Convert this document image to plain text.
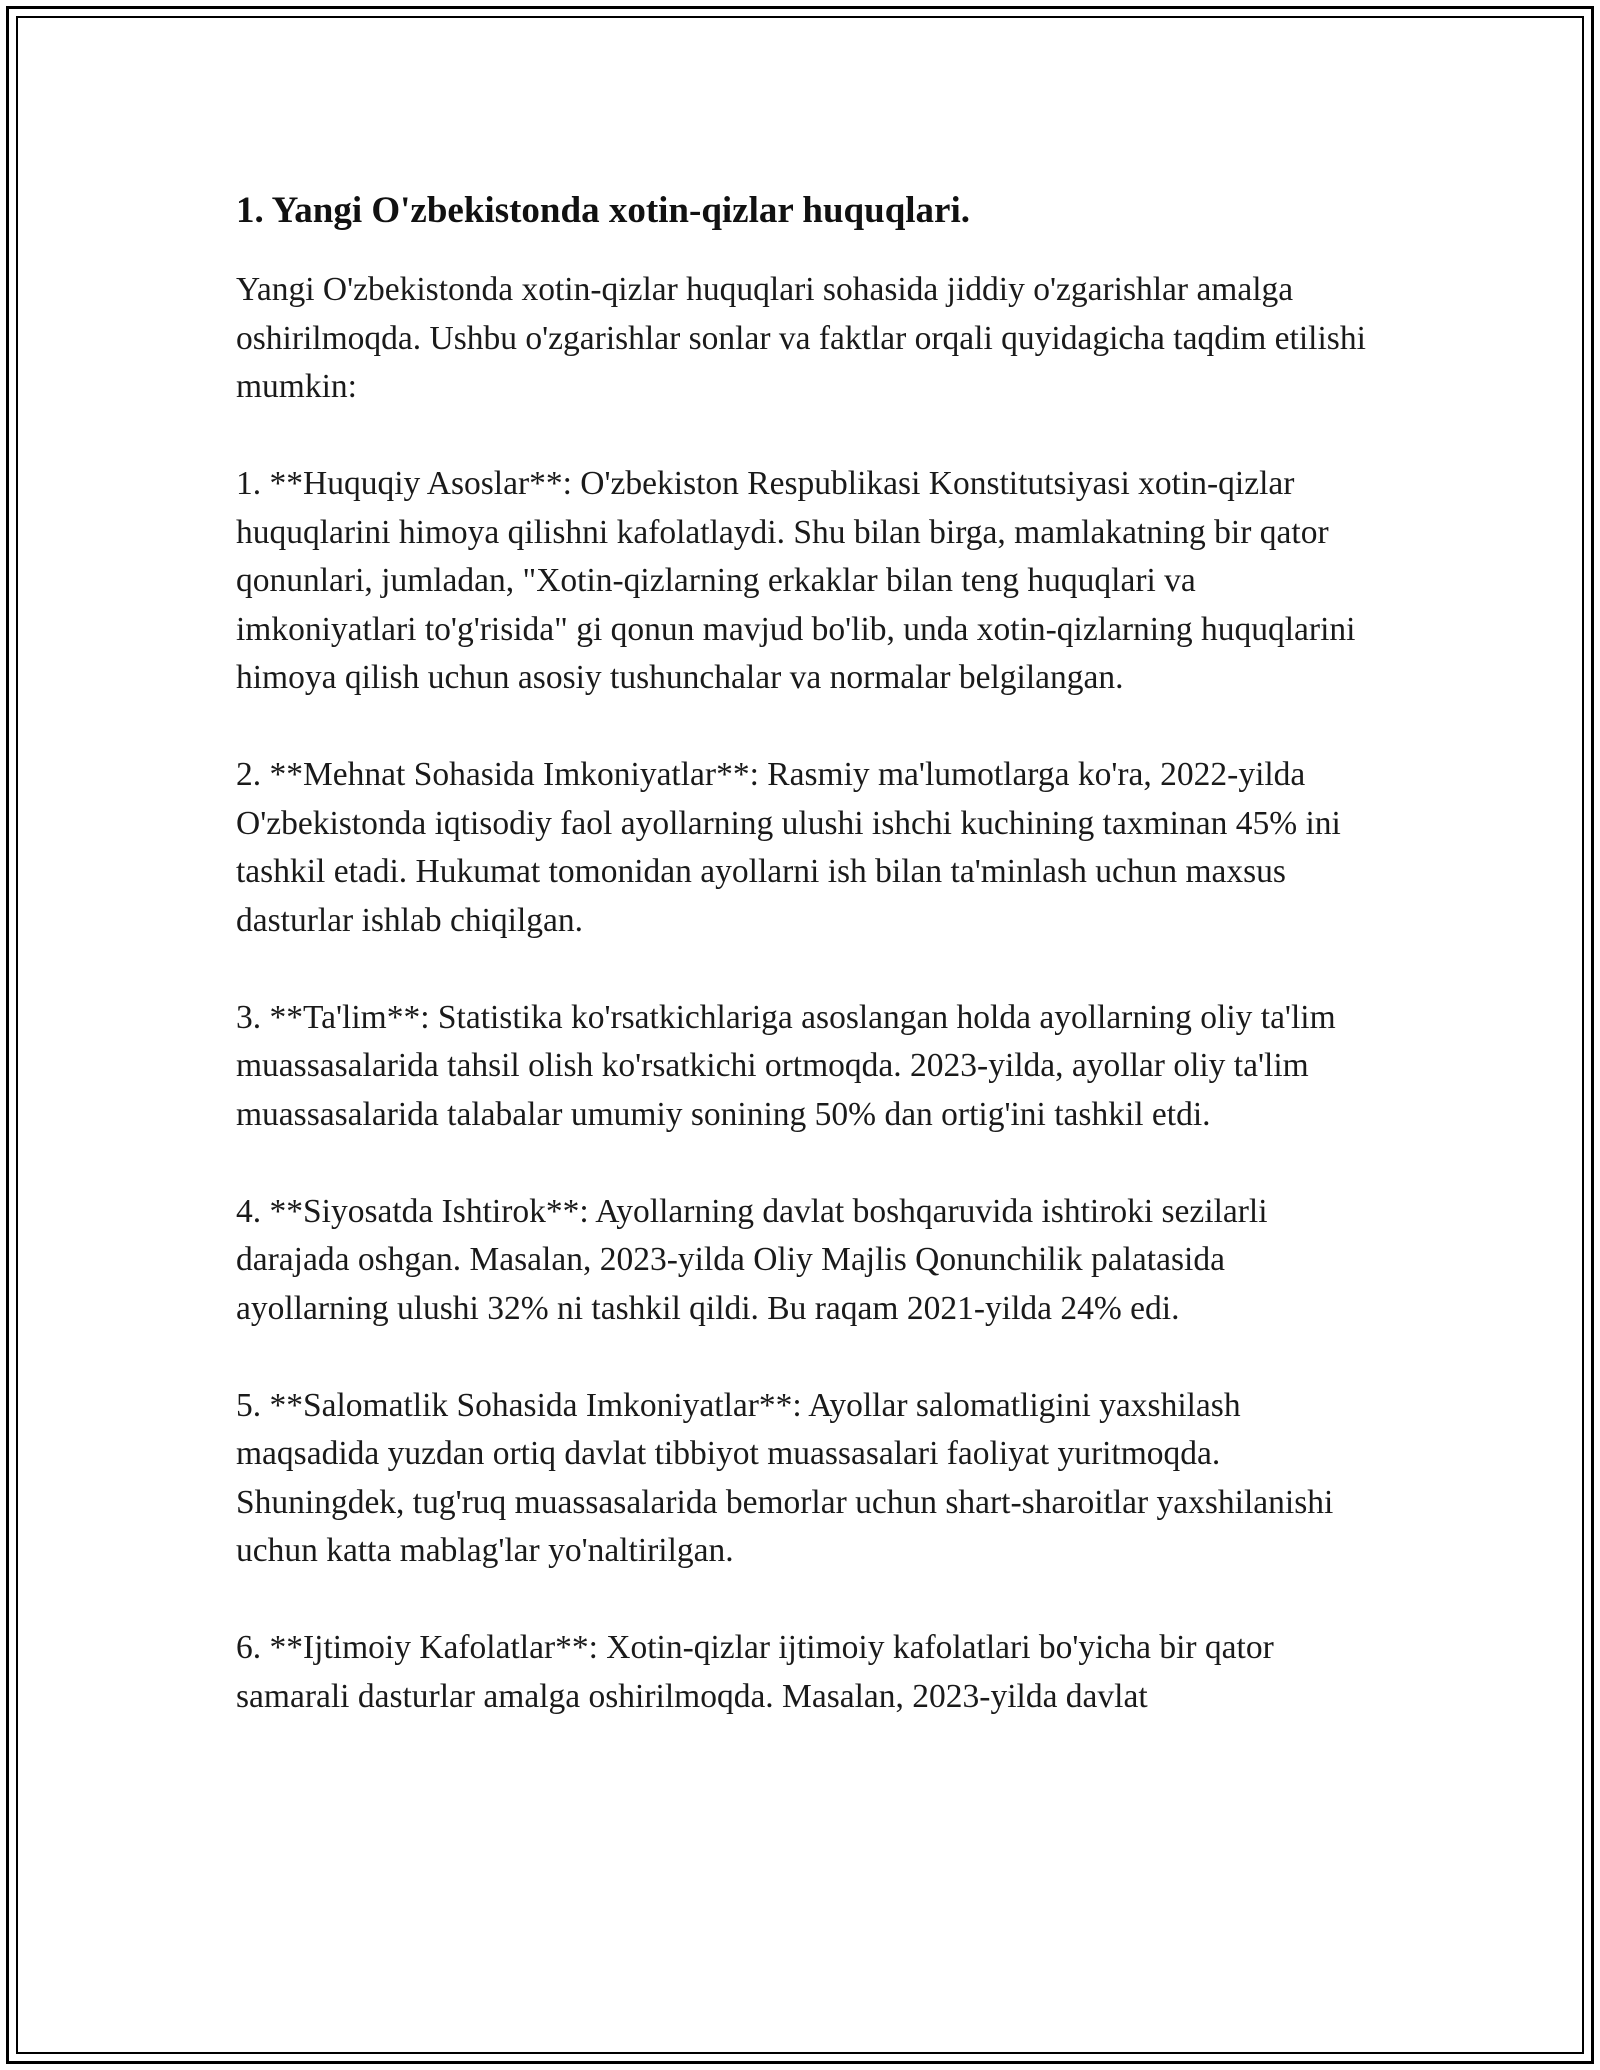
1. Yangi O'zbekistonda xotin-qizlar huquqlari.

Yangi O'zbekistonda xotin-qizlar huquqlari sohasida jiddiy o'zgarishlar amalga oshirilmoqda. Ushbu o'zgarishlar sonlar va faktlar orqali quyidagicha taqdim etilishi mumkin:

1. **Huquqiy Asoslar**: O'zbekiston Respublikasi Konstitutsiyasi xotin-qizlar huquqlarini himoya qilishni kafolatlaydi. Shu bilan birga, mamlakatning bir qator qonunlari, jumladan, "Xotin-qizlarning erkaklar bilan teng huquqlari va imkoniyatlari to'g'risida" gi qonun mavjud bo'lib, unda xotin-qizlarning huquqlarini himoya qilish uchun asosiy tushunchalar va normalar belgilangan.

2. **Mehnat Sohasida Imkoniyatlar**: Rasmiy ma'lumotlarga ko'ra, 2022-yilda O'zbekistonda iqtisodiy faol ayollarning ulushi ishchi kuchining taxminan 45% ini tashkil etadi. Hukumat tomonidan ayollarni ish bilan ta'minlash uchun maxsus dasturlar ishlab chiqilgan.

3. **Ta'lim**: Statistika ko'rsatkichlariga asoslangan holda ayollarning oliy ta'lim muassasalarida tahsil olish ko'rsatkichi ortmoqda. 2023-yilda, ayollar oliy ta'lim muassasalarida talabalar umumiy sonining 50% dan ortig'ini tashkil etdi.

4. **Siyosatda Ishtirok**: Ayollarning davlat boshqaruvida ishtiroki sezilarli darajada oshgan. Masalan, 2023-yilda Oliy Majlis Qonunchilik palatasida ayollarning ulushi 32% ni tashkil qildi. Bu raqam 2021-yilda 24% edi.

5. **Salomatlik Sohasida Imkoniyatlar**: Ayollar salomatligini yaxshilash maqsadida yuzdan ortiq davlat tibbiyot muassasalari faoliyat yuritmoqda. Shuningdek, tug'ruq muassasalarida bemorlar uchun shart-sharoitlar yaxshilanishi uchun katta mablag'lar yo'naltirilgan.

6. **Ijtimoiy Kafolatlar**: Xotin-qizlar ijtimoiy kafolatlari bo'yicha bir qator samarali dasturlar amalga oshirilmoqda. Masalan, 2023-yilda davlat
